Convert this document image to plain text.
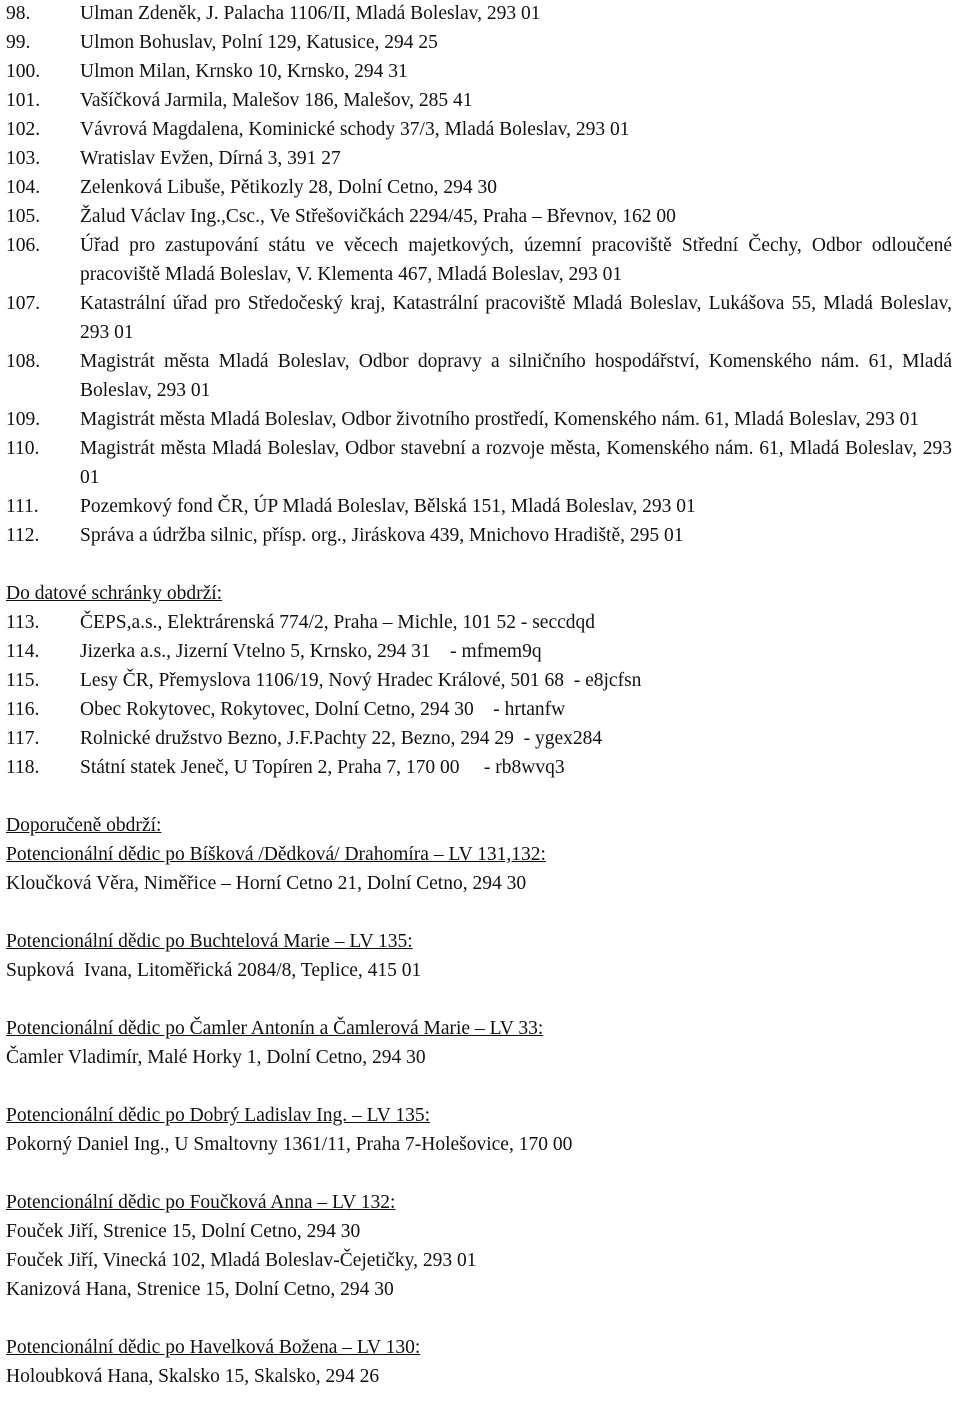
98.	Ulman Zdeněk, J. Palacha 1106/II, Mladá Boleslav, 293 01
99.	Ulmon Bohuslav, Polní 129, Katusice, 294 25
100.	Ulmon Milan, Krnsko 10, Krnsko, 294 31
101.	Vašíčková Jarmila, Malešov 186, Malešov, 285 41
102.	Vávrová Magdalena, Kominické schody 37/3, Mladá Boleslav, 293 01
103.	Wratislav Evžen, Dírná 3, 391 27
104.	Zelenková Libuše, Pětikozly 28, Dolní Cetno, 294 30
105.	Žalud Václav Ing.,Csc., Ve Střešovičkách 2294/45, Praha – Břevnov, 162 00
106.	Úřad pro zastupování státu ve věcech majetkových, územní pracoviště Střední Čechy, Odbor odloučené pracoviště Mladá Boleslav, V. Klementa 467, Mladá Boleslav, 293 01
107.	Katastrální úřad pro Středočeský kraj, Katastrální pracoviště Mladá Boleslav, Lukášova 55, Mladá Boleslav, 293 01
108.	Magistrát města Mladá Boleslav, Odbor dopravy a silničního hospodářství, Komenského nám. 61, Mladá Boleslav, 293 01
109.	Magistrát města Mladá Boleslav, Odbor životního prostředí, Komenského nám. 61, Mladá Boleslav, 293 01
110.	Magistrát města Mladá Boleslav, Odbor stavební a rozvoje města, Komenského nám. 61, Mladá Boleslav, 293 01
111.	Pozemkový fond ČR, ÚP Mladá Boleslav, Bělská 151, Mladá Boleslav, 293 01
112.	Správa a údržba silnic, přísp. org., Jiráskova 439, Mnichovo Hradiště, 295 01
Do datové schránky obdrží:
113.	ČEPS,a.s., Elektrárenská 774/2, Praha – Michle, 101 52 - seccdqd
114.	Jizerka a.s., Jizerní Vtelno 5, Krnsko, 294 31    - mfmem9q
115.	Lesy ČR, Přemyslova 1106/19, Nový Hradec Králové, 501 68  - e8jcfsn
116.	Obec Rokytovec, Rokytovec, Dolní Cetno, 294 30    - hrtanfw
117.	Rolnické družstvo Bezno, J.F.Pachty 22, Bezno, 294 29  - ygex284
118.	Státní statek Jeneč, U Topíren 2, Praha 7, 170 00     - rb8wvq3
Doporučeně obdrží:
Potencionální dědic po Bíšková /Dědková/ Drahomíra – LV 131,132:
Kloučková Věra, Niměřice – Horní Cetno 21, Dolní Cetno, 294 30
Potencionální dědic po Buchtelová Marie – LV 135:
Supková  Ivana, Litoměřická 2084/8, Teplice, 415 01
Potencionální dědic po Čamler Antonín a Čamlerová Marie – LV 33:
Čamler Vladimír, Malé Horky 1, Dolní Cetno, 294 30
Potencionální dědic po Dobrý Ladislav Ing. – LV 135:
Pokorný Daniel Ing., U Smaltovny 1361/11, Praha 7-Holešovice, 170 00
Potencionální dědic po Foučková Anna – LV 132:
Fouček Jiří, Strenice 15, Dolní Cetno, 294 30
Fouček Jiří, Vinecká 102, Mladá Boleslav-Čejetičky, 293 01
Kanizová Hana, Strenice 15, Dolní Cetno, 294 30
Potencionální dědic po Havelková Božena – LV 130:
Holoubková Hana, Skalsko 15, Skalsko, 294 26
